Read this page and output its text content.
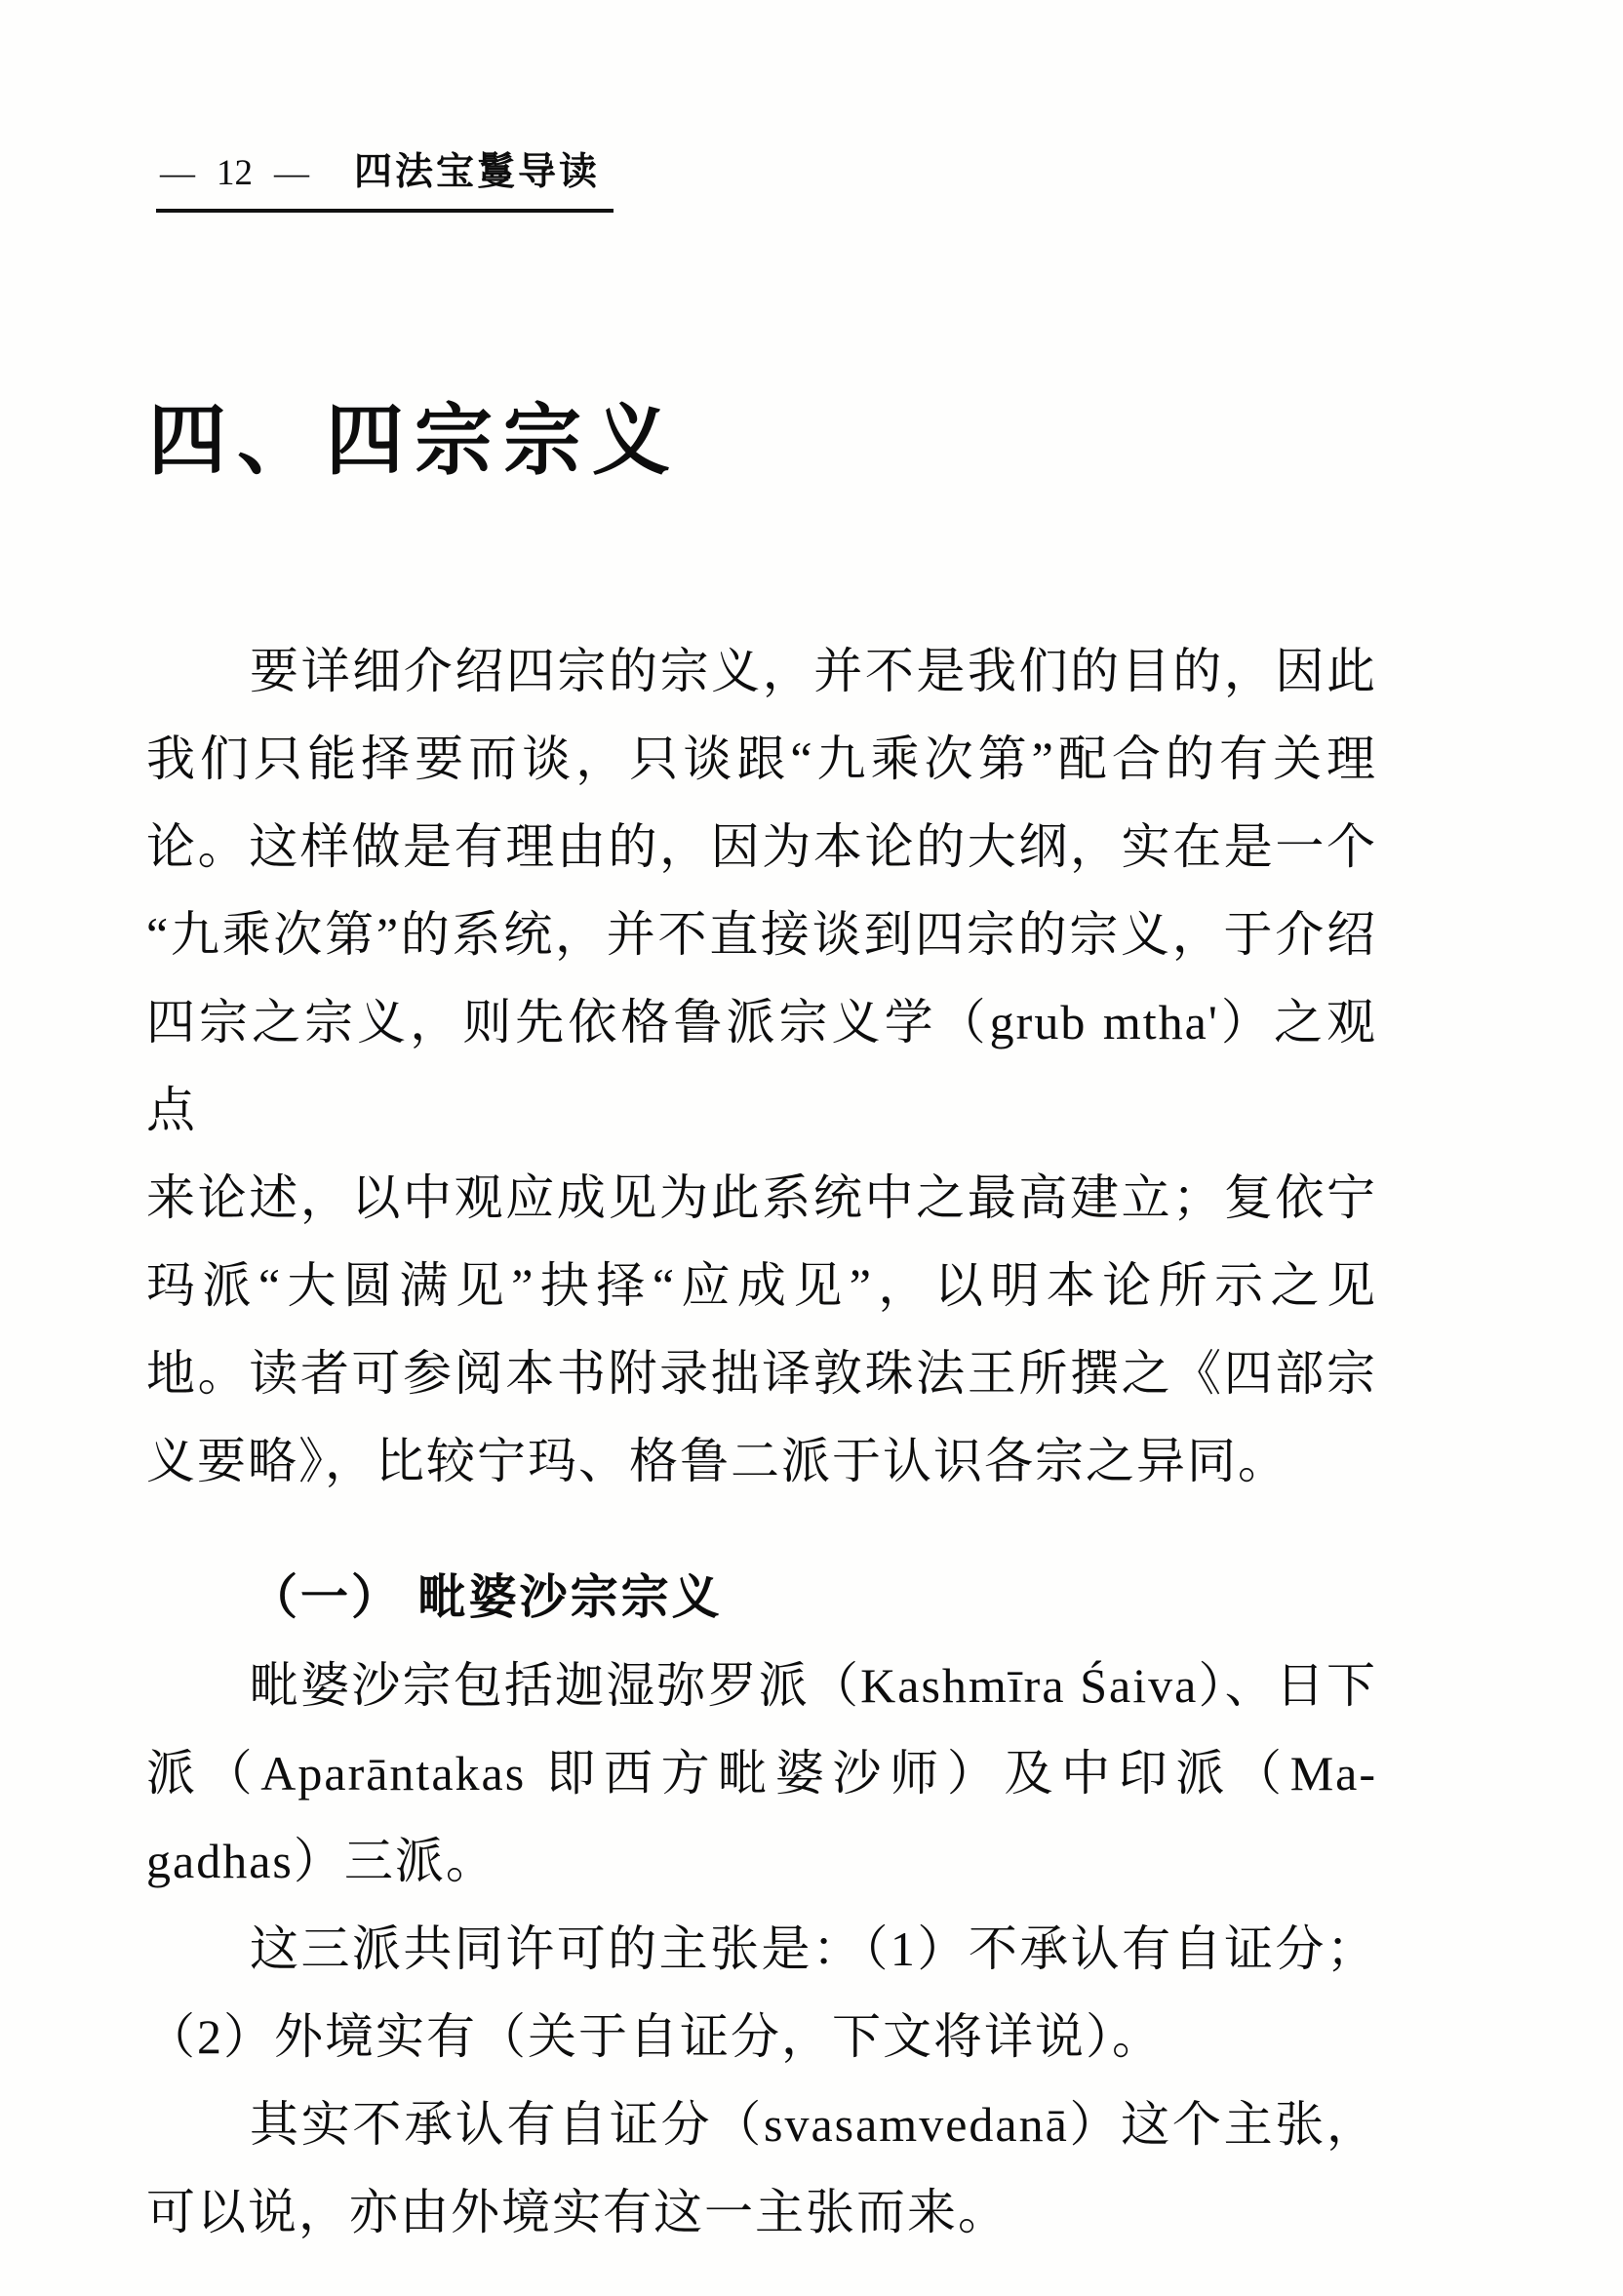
— 12 — 四法宝鬘导读
四、四宗宗义

要详细介绍四宗的宗义，并不是我们的目的，因此

我们只能择要而谈，只谈跟“九乘次第”配合的有关理

论。这样做是有理由的，因为本论的大纲，实在是一个

“九乘次第”的系统，并不直接谈到四宗的宗义，于介绍

四宗之宗义，则先依格鲁派宗义学（grub mtha'）之观点

来论述，以中观应成见为此系统中之最高建立；复依宁

玛派“大圆满见”抉择“应成见”，以明本论所示之见

地。读者可参阅本书附录拙译敦珠法王所撰之《四部宗

义要略》，比较宁玛、格鲁二派于认识各宗之异同。

（一） 毗婆沙宗宗义

毗婆沙宗包括迦湿弥罗派（Kashmīra Śaiva）、日下

派（Aparāntakas 即西方毗婆沙师）及中印派（Ma-

gadhas）三派。

这三派共同许可的主张是：（1）不承认有自证分；

（2）外境实有（关于自证分，下文将详说）。

其实不承认有自证分（svasamvedanā）这个主张，

可以说，亦由外境实有这一主张而来。
